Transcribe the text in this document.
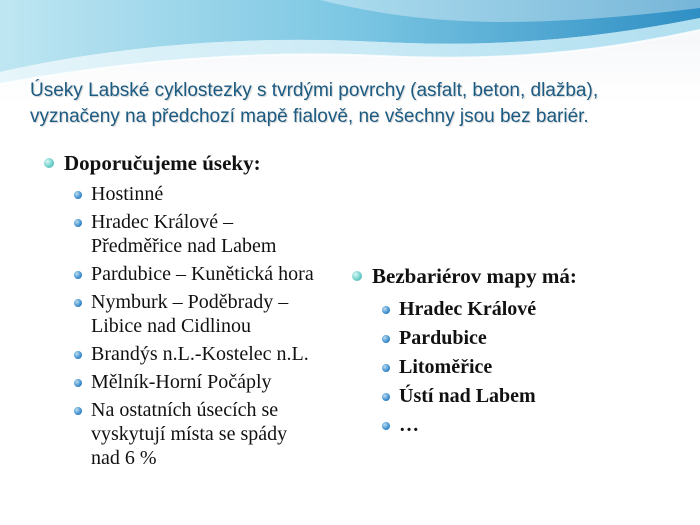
Úseky Labské cyklostezky s tvrdými povrchy (asfalt, beton, dlažba),
vyznačeny na předchozí mapě fialově, ne všechny jsou bez bariér.
Doporučujeme úseky:
Hostinné
Hradec Králové –
Předměřice nad Labem
Pardubice – Kunětická hora
Nymburk – Poděbrady –
Libice nad Cidlinou
Brandýs n.L.-Kostelec n.L.
Mělník-Horní Počáply
Na ostatních úsecích se
vyskytují místa se spády
nad 6 %
Bezbariérov mapy má:
Hradec Králové
Pardubice
Litoměřice
Ústí nad Labem
…
